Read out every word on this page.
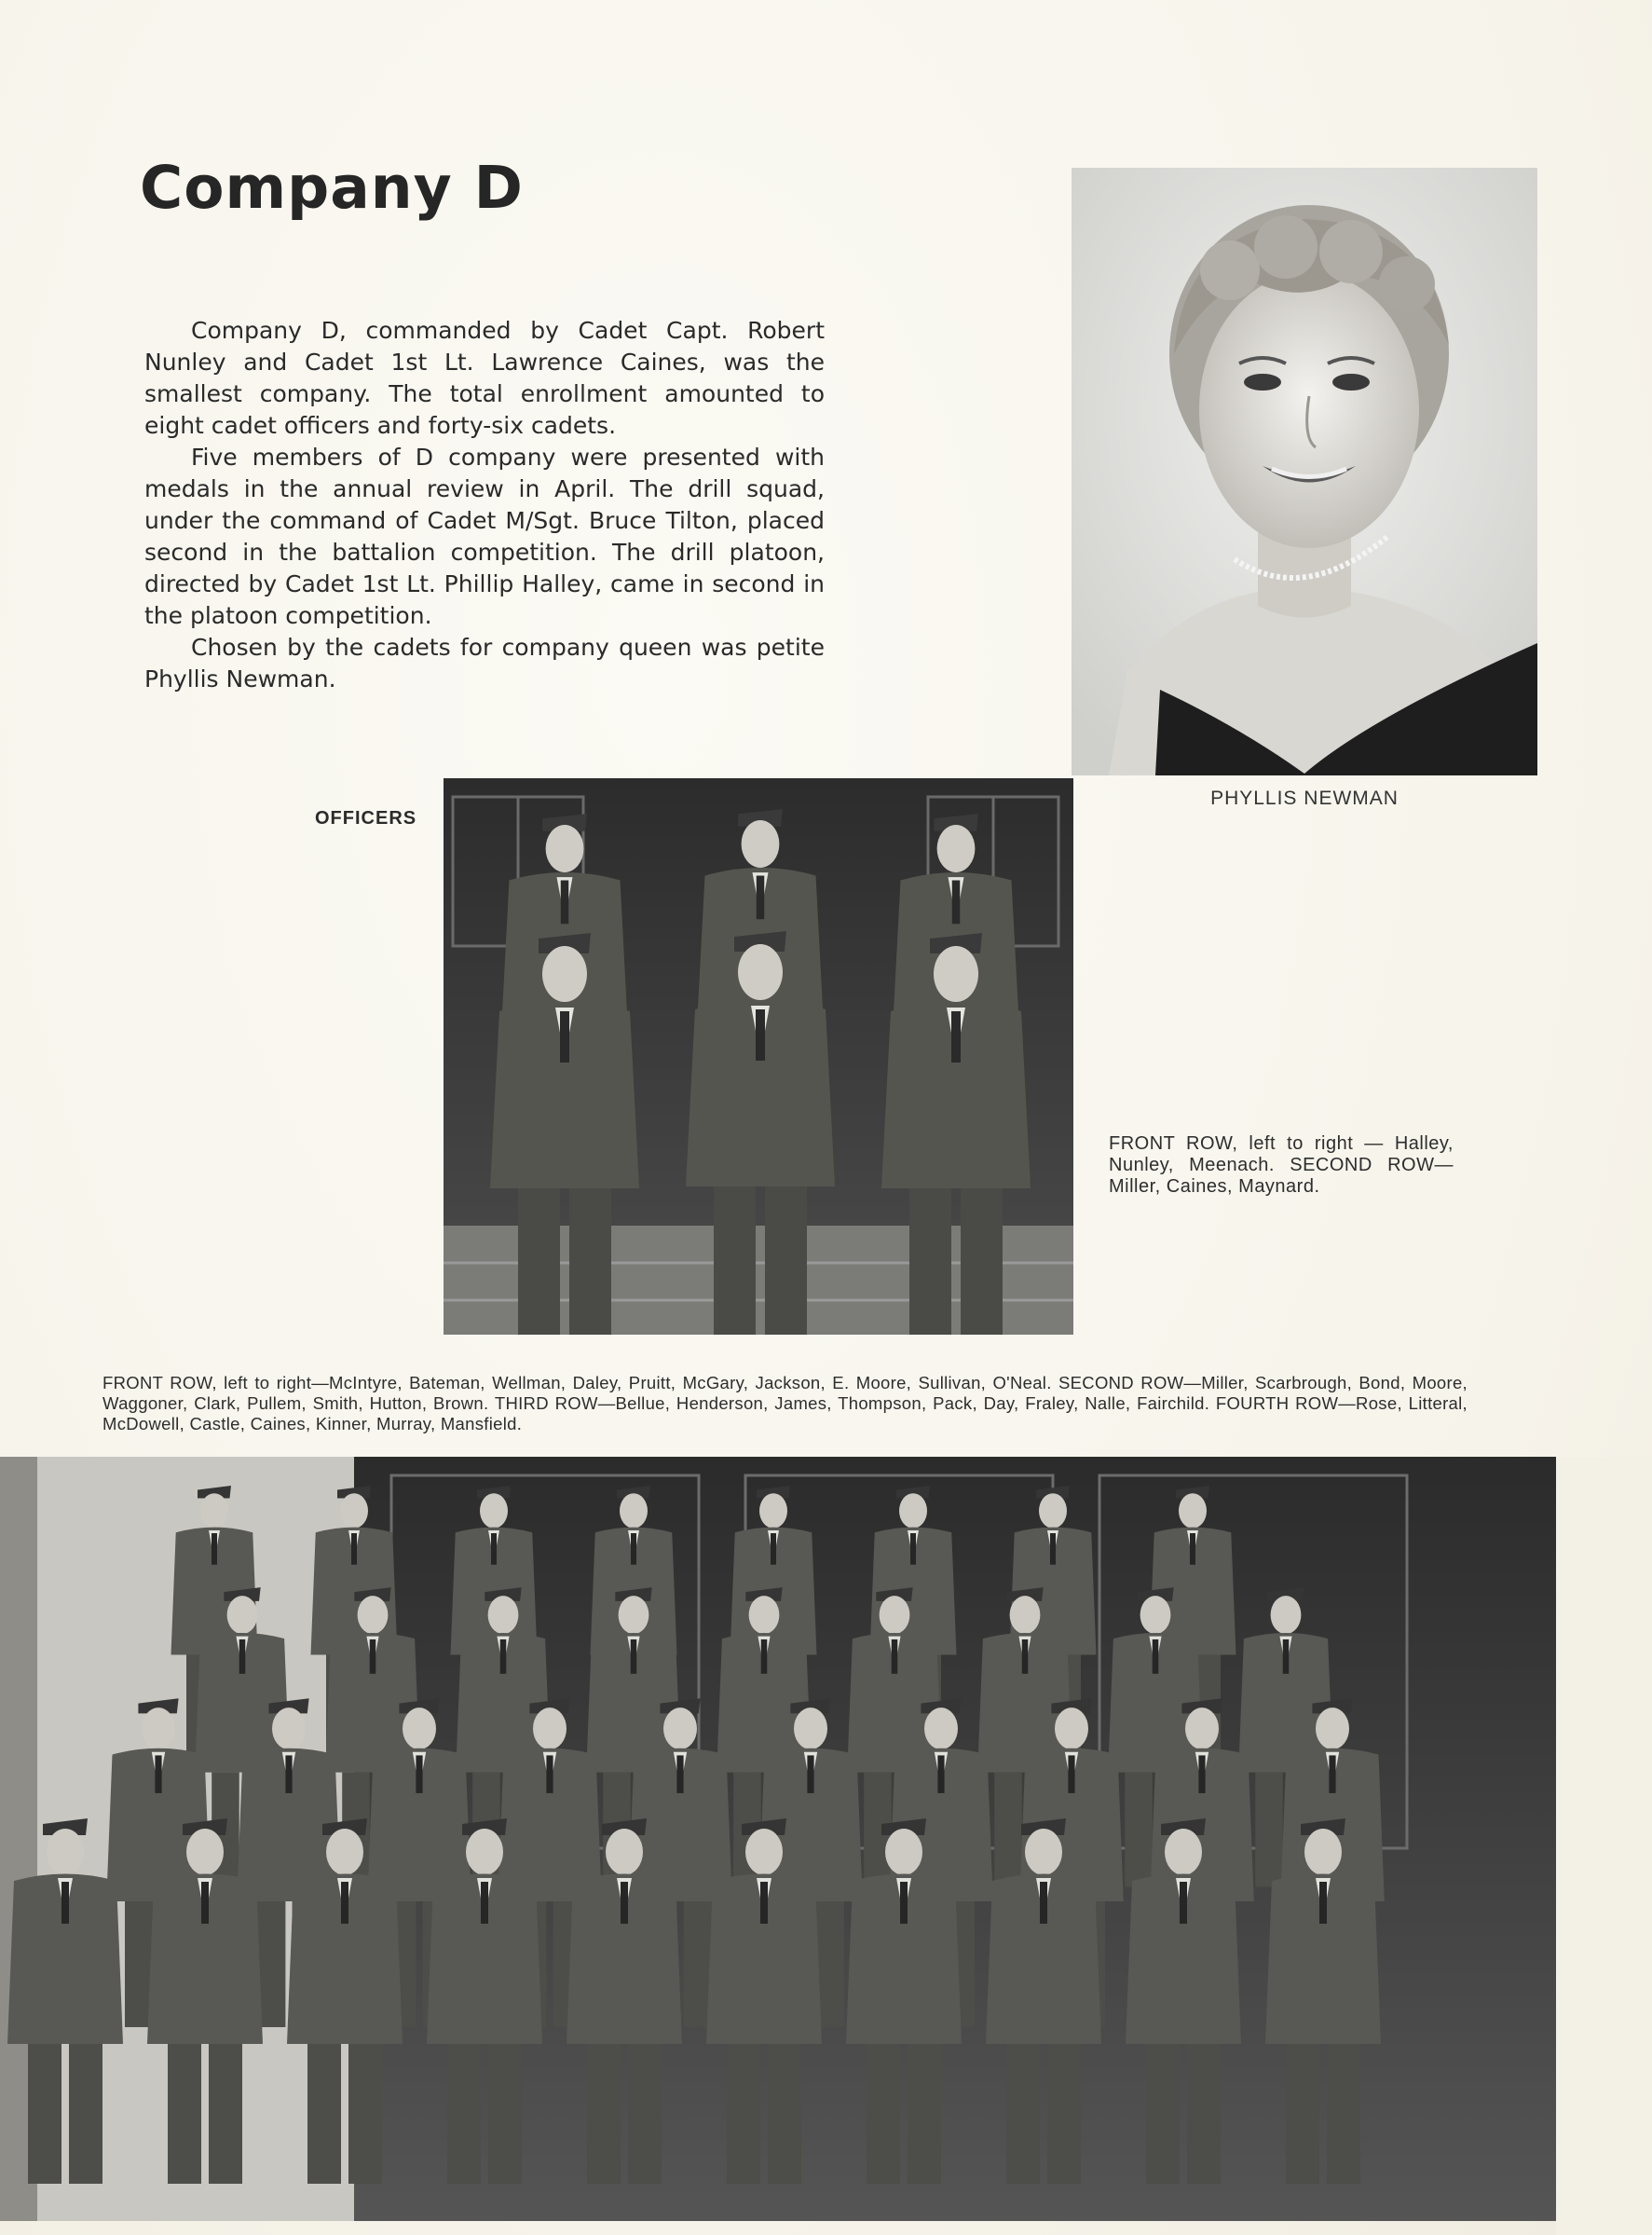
Company D

Company D, commanded by Cadet Capt. Robert Nunley and Cadet 1st Lt. Lawrence Caines, was the smallest company. The total enrollment amounted to eight cadet officers and forty-six cadets.

Five members of D company were presented with medals in the annual review in April. The drill squad, under the command of Cadet M/Sgt. Bruce Tilton, placed second in the battalion competition. The drill platoon, directed by Cadet 1st Lt. Phillip Halley, came in second in the platoon competition.

Chosen by the cadets for company queen was petite Phyllis Newman.

PHYLLIS NEWMAN
OFFICERS
FRONT ROW, left to right — Halley, Nunley, Meenach. SECOND ROW—Miller, Caines, Maynard.
FRONT ROW, left to right—McIntyre, Bateman, Wellman, Daley, Pruitt, McGary, Jackson, E. Moore, Sullivan, O'Neal. SECOND ROW—Miller, Scarbrough, Bond, Moore, Waggoner, Clark, Pullem, Smith, Hutton, Brown. THIRD ROW—Bellue, Henderson, James, Thompson, Pack, Day, Fraley, Nalle, Fairchild. FOURTH ROW—Rose, Litteral, McDowell, Castle, Caines, Kinner, Murray, Mansfield.
